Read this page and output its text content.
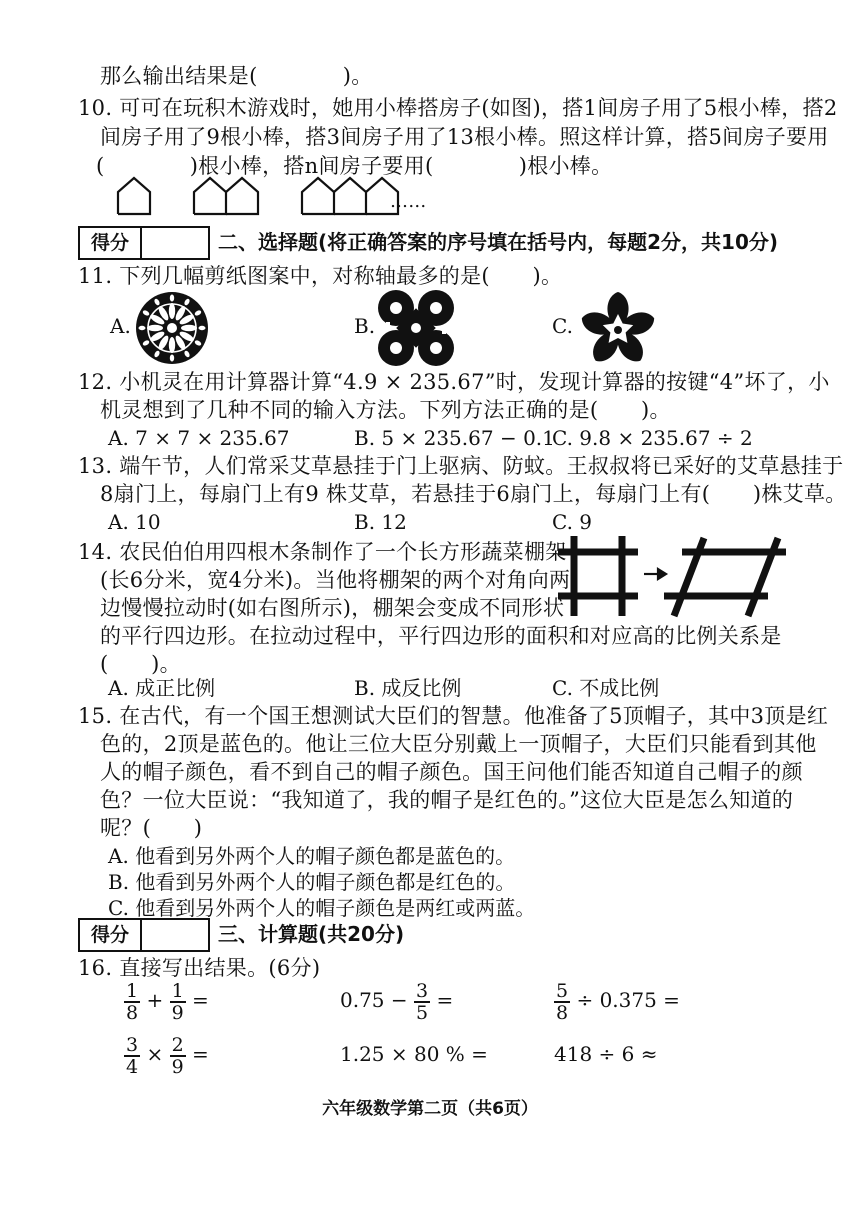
那么输出结果是(　　　　)。
10. 可可在玩积木游戏时，她用小棒搭房子(如图)，搭1间房子用了5根小棒，搭2
间房子用了9根小棒，搭3间房子用了13根小棒。照这样计算，搭5间房子要用
(　　　　)根小棒，搭n间房子要用(　　　　)根小棒。
……
得分	二、选择题(将正确答案的序号填在括号内，每题2分，共10分)
11. 下列几幅剪纸图案中，对称轴最多的是(　　)。
A.	B.	C.
12. 小机灵在用计算器计算“4.9 × 235.67”时，发现计算器的按键“4”坏了，小
机灵想到了几种不同的输入方法。下列方法正确的是(　　)。
A. 7 × 7 × 235.67	B. 5 × 235.67 − 0.1
C. 9.8 × 235.67 ÷ 2
13. 端午节，人们常采艾草悬挂于门上驱病、防蚊。王叔叔将已采好的艾草悬挂于
8扇门上，每扇门上有9 株艾草，若悬挂于6扇门上，每扇门上有(　　)株艾草。
A. 10	B. 12	C. 9
14. 农民伯伯用四根木条制作了一个长方形蔬菜棚架
(长6分米，宽4分米)。当他将棚架的两个对角向两
边慢慢拉动时(如右图所示)，棚架会变成不同形状
的平行四边形。在拉动过程中，平行四边形的面积和对应高的比例关系是
(　　)。
A. 成正比例	B. 成反比例	C. 不成比例
15. 在古代，有一个国王想测试大臣们的智慧。他准备了5顶帽子，其中3顶是红
色的，2顶是蓝色的。他让三位大臣分别戴上一顶帽子，大臣们只能看到其他
人的帽子颜色，看不到自己的帽子颜色。国王问他们能否知道自己帽子的颜
色？一位大臣说：“我知道了，我的帽子是红色的。”这位大臣是怎么知道的
呢？(　　)
A. 他看到另外两个人的帽子颜色都是蓝色的。
B. 他看到另外两个人的帽子颜色都是红色的。
C. 他看到另外两个人的帽子颜色是两红或两蓝。
得分	三、计算题(共20分)
16. 直接写出结果。(6分)
$\frac{1}{8} + \frac{1}{9}$ =	$0.75 - \frac{3}{5}$ =	$\frac{5}{8} \div 0.375$ =
$\frac{3}{4} \times \frac{2}{9}$ =	1.25 × 80 % =	418 ÷ 6 ≈
六年级数学第二页（共6页）
